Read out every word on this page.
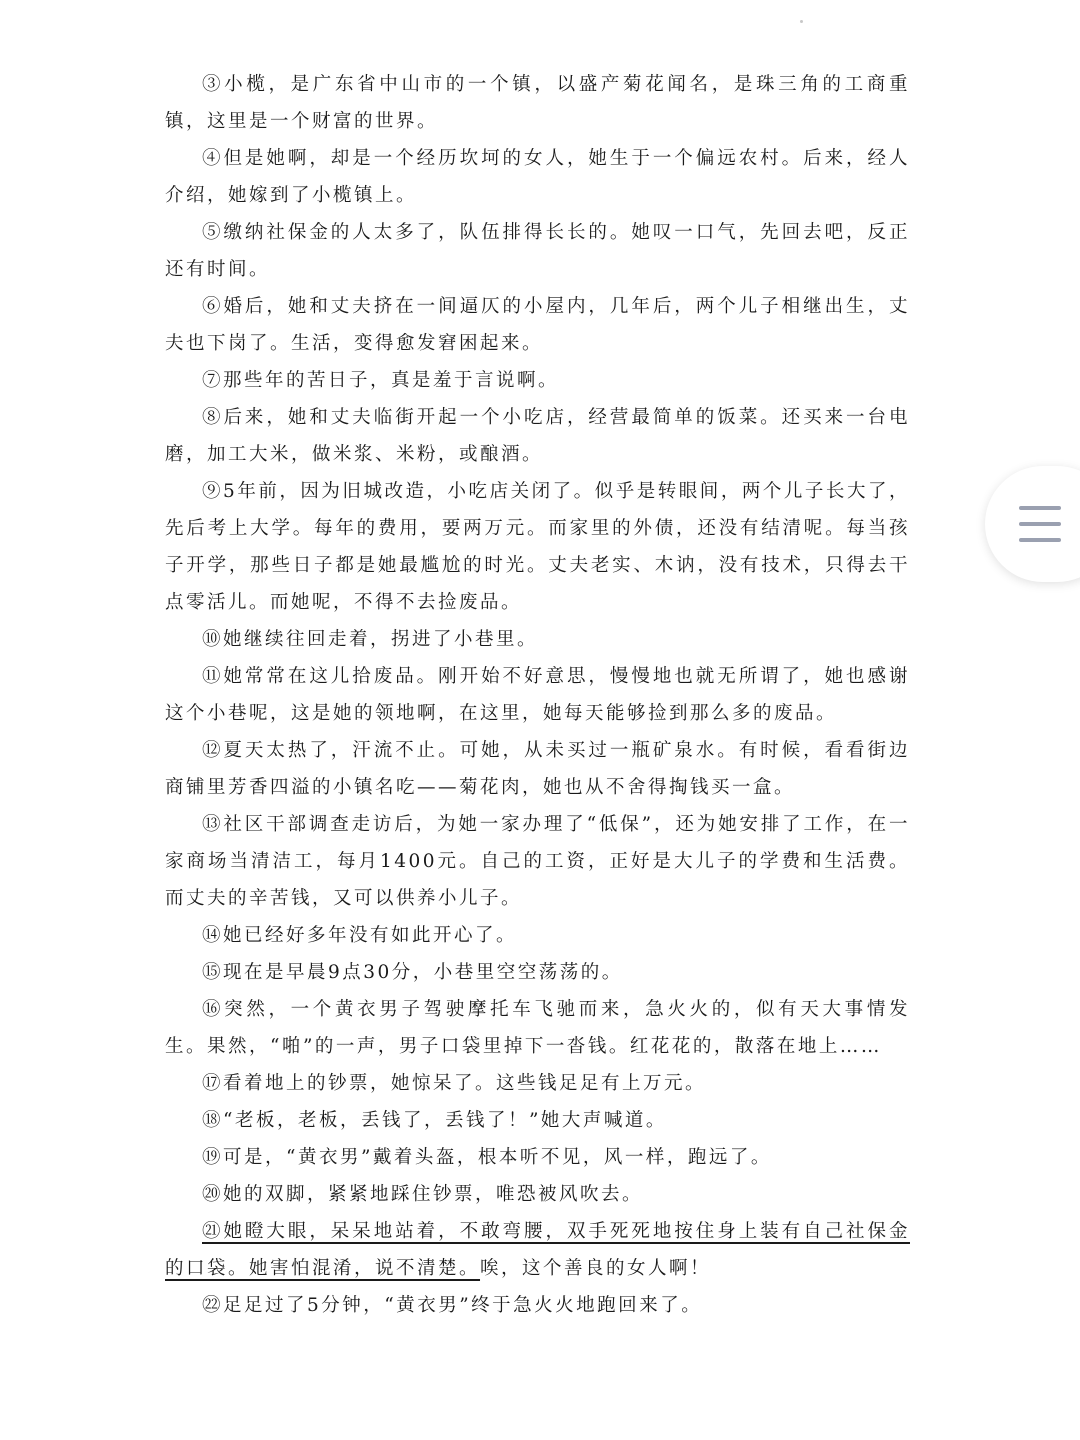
③小榄，是广东省中山市的一个镇，以盛产菊花闻名，是珠三角的工商重镇，这里是一个财富的世界。

④但是她啊，却是一个经历坎坷的女人，她生于一个偏远农村。后来，经人介绍，她嫁到了小榄镇上。

⑤缴纳社保金的人太多了，队伍排得长长的。她叹一口气，先回去吧，反正还有时间。

⑥婚后，她和丈夫挤在一间逼仄的小屋内，几年后，两个儿子相继出生，丈夫也下岗了。生活，变得愈发窘困起来。

⑦那些年的苦日子，真是羞于言说啊。

⑧后来，她和丈夫临街开起一个小吃店，经营最简单的饭菜。还买来一台电磨，加工大米，做米浆、米粉，或酿酒。

⑨5年前，因为旧城改造，小吃店关闭了。似乎是转眼间，两个儿子长大了，先后考上大学。每年的费用，要两万元。而家里的外债，还没有结清呢。每当孩子开学，那些日子都是她最尴尬的时光。丈夫老实、木讷，没有技术，只得去干点零活儿。而她呢，不得不去捡废品。

⑩她继续往回走着，拐进了小巷里。

⑪她常常在这儿拾废品。刚开始不好意思，慢慢地也就无所谓了，她也感谢这个小巷呢，这是她的领地啊，在这里，她每天能够捡到那么多的废品。

⑫夏天太热了，汗流不止。可她，从未买过一瓶矿泉水。有时候，看看街边商铺里芳香四溢的小镇名吃——菊花肉，她也从不舍得掏钱买一盒。

⑬社区干部调查走访后，为她一家办理了“低保”，还为她安排了工作，在一家商场当清洁工，每月1400元。自己的工资，正好是大儿子的学费和生活费。而丈夫的辛苦钱，又可以供养小儿子。

⑭她已经好多年没有如此开心了。

⑮现在是早晨9点30分，小巷里空空荡荡的。

⑯突然，一个黄衣男子驾驶摩托车飞驰而来，急火火的，似有天大事情发生。果然，“啪”的一声，男子口袋里掉下一沓钱。红花花的，散落在地上……

⑰看着地上的钞票，她惊呆了。这些钱足足有上万元。

⑱“老板，老板，丢钱了，丢钱了！”她大声喊道。

⑲可是，“黄衣男”戴着头盔，根本听不见，风一样，跑远了。

⑳她的双脚，紧紧地踩住钞票，唯恐被风吹去。

㉑她瞪大眼，呆呆地站着，不敢弯腰，双手死死地按住身上装有自己社保金的口袋。她害怕混淆，说不清楚。唉，这个善良的女人啊！

㉒足足过了5分钟，“黄衣男”终于急火火地跑回来了。
